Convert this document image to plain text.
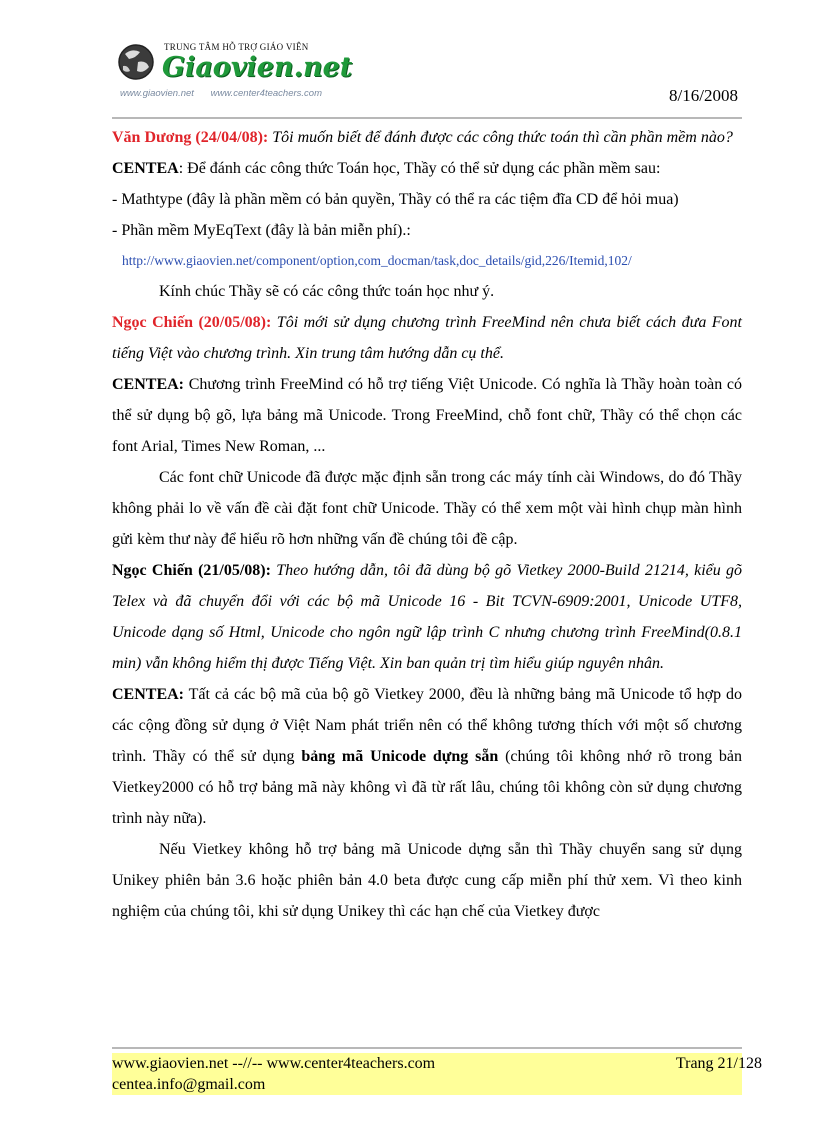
TRUNG TÂM HỖ TRỢ GIÁO VIÊN
Giaovien.net
www.giaovien.net www.center4teachers.com	8/16/2008

Văn Dương (24/04/08): Tôi muốn biết để đánh được các công thức toán thì cần phần mềm nào?

CENTEA: Để đánh các công thức Toán học, Thầy có thể sử dụng các phần mềm sau:

- Mathtype (đây là phần mềm có bản quyền, Thầy có thể ra các tiệm đĩa CD để hỏi mua)

- Phần mềm MyEqText (đây là bản miễn phí).:

http://www.giaovien.net/component/option,com_docman/task,doc_details/gid,226/Itemid,102/

Kính chúc Thầy sẽ có các công thức toán học như ý.

Ngọc Chiến (20/05/08): Tôi mới sử dụng chương trình FreeMind nên chưa biết cách đưa Font tiếng Việt vào chương trình. Xin trung tâm hướng dẫn cụ thể.

CENTEA: Chương trình FreeMind có hỗ trợ tiếng Việt Unicode. Có nghĩa là Thầy hoàn toàn có thể sử dụng bộ gõ, lựa bảng mã Unicode. Trong FreeMind, chỗ font chữ, Thầy có thể chọn các font Arial, Times New Roman, ...

Các font chữ Unicode đã được mặc định sẵn trong các máy tính cài Windows, do đó Thầy không phải lo về vấn đề cài đặt font chữ Unicode. Thầy có thể xem một vài hình chụp màn hình gửi kèm thư này để hiểu rõ hơn những vấn đề chúng tôi đề cập.

Ngọc Chiến (21/05/08): Theo hướng dẫn, tôi đã dùng bộ gõ Vietkey 2000-Build 21214, kiểu gõ Telex và đã chuyển đổi với các bộ mã Unicode 16 - Bit TCVN-6909:2001, Unicode UTF8, Unicode dạng số Html, Unicode cho ngôn ngữ lập trình C nhưng chương trình FreeMind(0.8.1 min) vẫn không hiểm thị được Tiếng Việt. Xin ban quản trị tìm hiểu giúp nguyên nhân.

CENTEA: Tất cả các bộ mã của bộ gõ Vietkey 2000, đều là những bảng mã Unicode tổ hợp do các cộng đồng sử dụng ở Việt Nam phát triển nên có thể không tương thích với một số chương trình. Thầy có thể sử dụng bảng mã Unicode dựng sẵn (chúng tôi không nhớ rõ trong bản Vietkey2000 có hỗ trợ bảng mã này không vì đã từ rất lâu, chúng tôi không còn sử dụng chương trình này nữa).

Nếu Vietkey không hỗ trợ bảng mã Unicode dựng sẵn thì Thầy chuyển sang sử dụng Unikey phiên bản 3.6 hoặc phiên bản 4.0 beta được cung cấp miễn phí thử xem. Vì theo kinh nghiệm của chúng tôi, khi sử dụng Unikey thì các hạn chế của Vietkey được

www.giaovien.net --//-- www.center4teachers.com
centea.info@gmail.com
Trang 21/128
